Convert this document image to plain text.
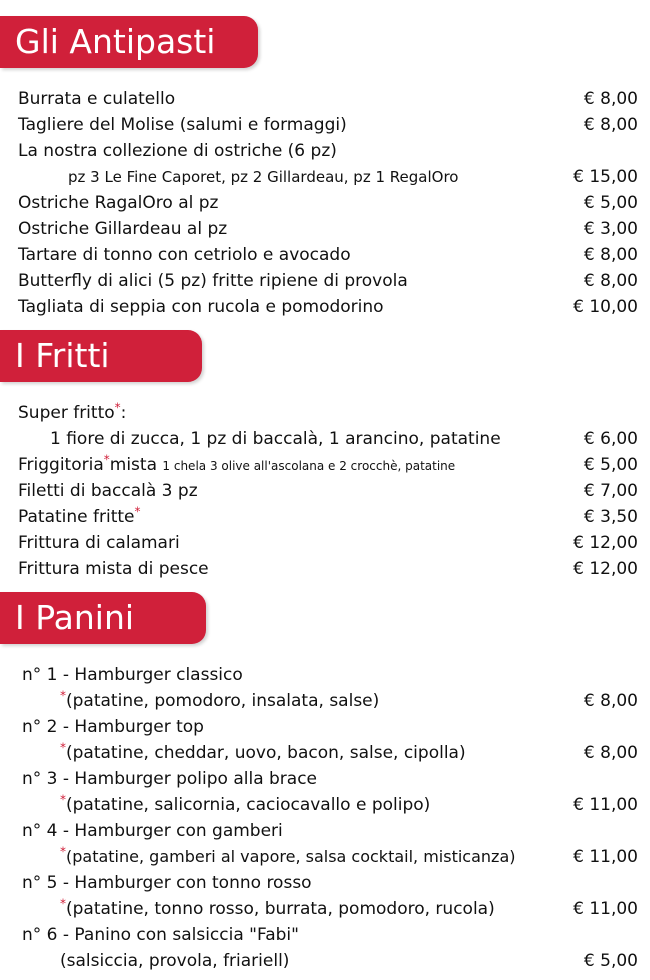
Gli Antipasti
Burrata e culatello	€ 8,00
Tagliere del Molise (salumi e formaggi)	€ 8,00
La nostra collezione di ostriche (6 pz)
pz 3 Le Fine Caporet, pz 2 Gillardeau, pz 1 RegalOro	€ 15,00
Ostriche RagalOro al pz	€ 5,00
Ostriche Gillardeau al pz	€ 3,00
Tartare di tonno con cetriolo e avocado	€ 8,00
Butterfly di alici (5 pz) fritte ripiene di provola	€ 8,00
Tagliata di seppia con rucola e pomodorino	€ 10,00
I Fritti
Super fritto*:
1 fiore di zucca, 1 pz di baccalà, 1 arancino, patatine	€ 6,00
Friggitoria*mista 1 chela 3 olive all'ascolana e 2 crocchè, patatine	€ 5,00
Filetti di baccalà 3 pz	€ 7,00
Patatine fritte*	€ 3,50
Frittura di calamari	€ 12,00
Frittura mista di pesce	€ 12,00
I Panini
n° 1 - Hamburger classico
*(patatine, pomodoro, insalata, salse)	€ 8,00
n° 2 - Hamburger top
*(patatine, cheddar, uovo, bacon, salse, cipolla)	€ 8,00
n° 3 - Hamburger polipo alla brace
*(patatine, salicornia, caciocavallo e polipo)	€ 11,00
n° 4 - Hamburger con gamberi
*(patatine, gamberi al vapore, salsa cocktail, misticanza)	€ 11,00
n° 5 - Hamburger con tonno rosso
*(patatine, tonno rosso, burrata, pomodoro, rucola)	€ 11,00
n° 6 - Panino con salsiccia "Fabi"
(salsiccia, provola, friariell)	€ 5,00
